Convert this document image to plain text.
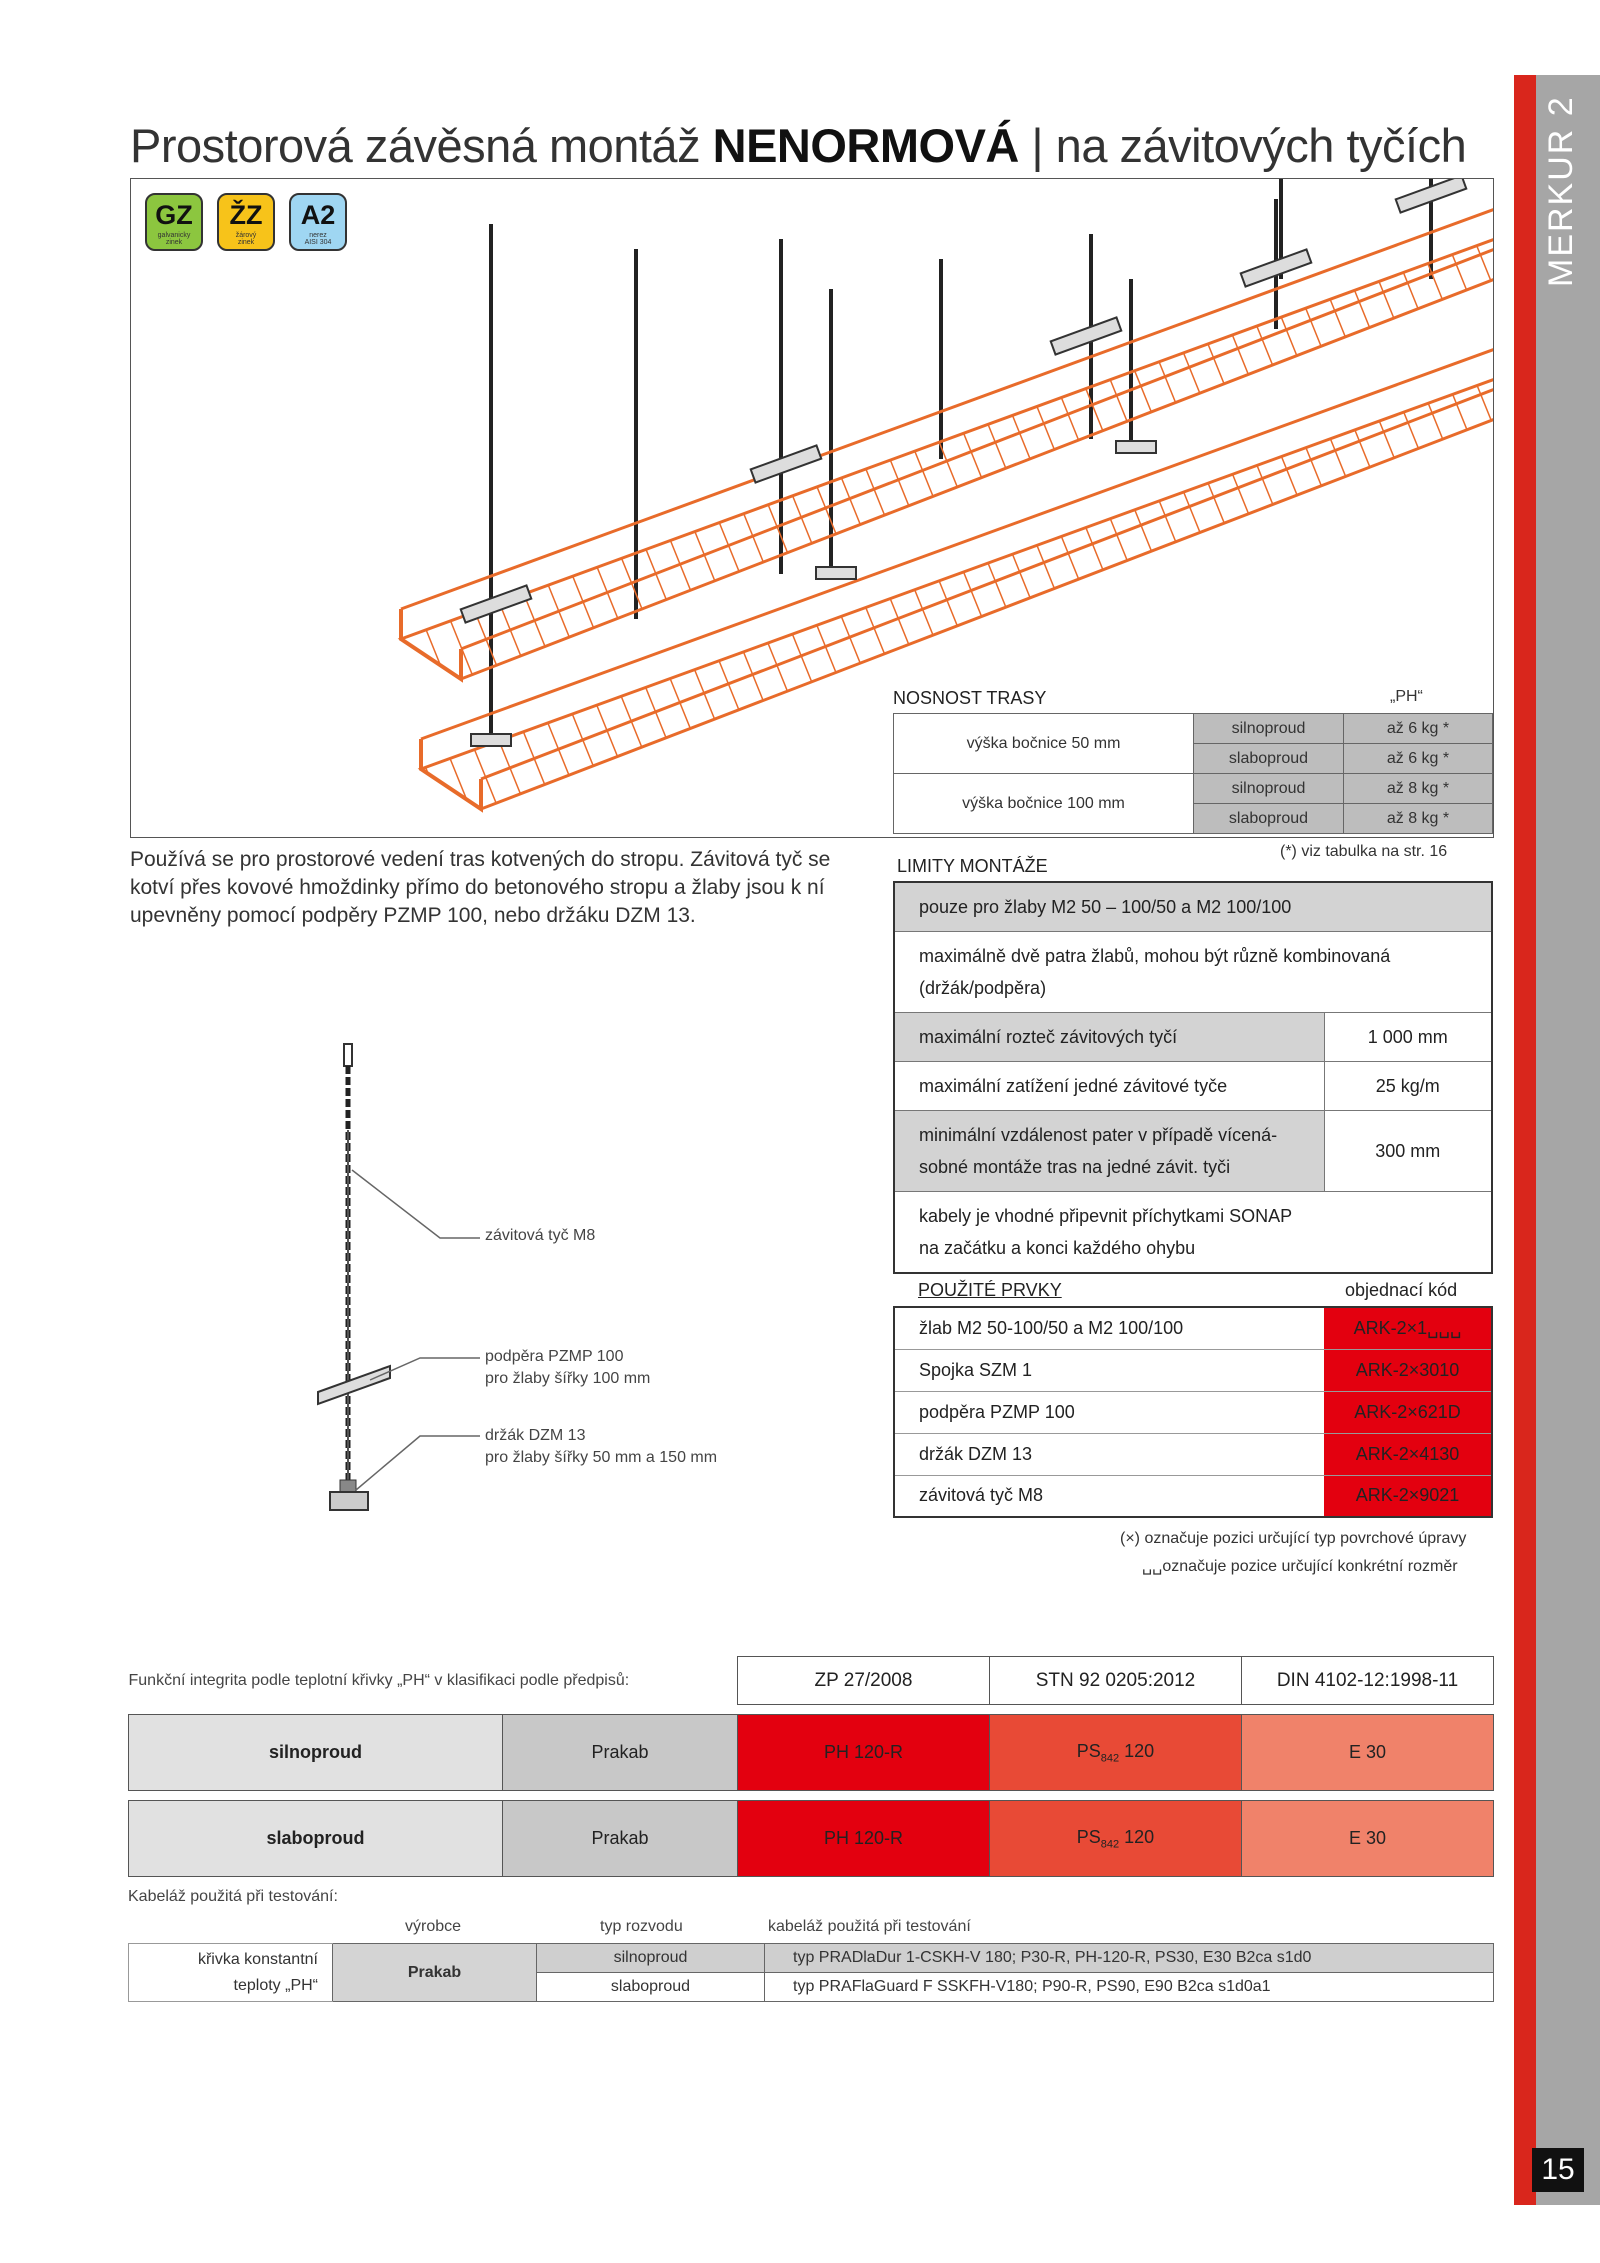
MERKUR 2
15
Prostorová závěsná montáž NENORMOVÁ | na závitových tyčích
GZ
galvanicky
zinek
ŽZ
žárový
zinek
A2
nerez
AISI 304
Používá se pro prostorové vedení tras kotvených do stropu. Závitová tyč se kotví přes kovové hmoždinky přímo do betonového stropu a žlaby jsou k ní upevněny pomocí podpěry PZMP 100, nebo držáku DZM 13.
závitová tyč M8
podpěra PZMP 100
pro žlaby šířky 100 mm
držák DZM 13
pro žlaby šířky 50 mm a 150 mm
NOSNOST TRASY	„PH“
výška bočnice 50 mm	silnoproud	až 6 kg *
	slaboproud	až 6 kg *
výška bočnice 100 mm	silnoproud	až 8 kg *
	slaboproud	až 8 kg *
(*) viz tabulka na str. 16
LIMITY MONTÁŽE
pouze pro žlaby M2 50 – 100/50 a M2 100/100	

maximálně dvě patra žlabů, mohou být různě kombinovaná
(držák/podpěra)	

maximální rozteč závitových tyčí	1 000 mm
maximální zatížení jedné závitové tyče	25 kg/m

minimální vzdálenost pater v případě vícená-
sobné montáže tras na jedné závit. tyči	300 mm

kabely je vhodné připevnit příchytkami SONAP
na začátku a konci každého ohybu	
POUŽITÉ PRVKY	objednací kód
žlab M2 50-100/50 a M2 100/100	ARK-2×1␣␣␣
Spojka SZM 1	ARK-2×3010
podpěra PZMP 100	ARK-2×621D
držák DZM 13	ARK-2×4130
závitová tyč M8	ARK-2×9021
(×) označuje pozici určující typ povrchové úpravy
␣␣označuje pozice určující konkrétní rozměr
Funkční integrita podle teplotní křivky „PH“ v klasifikaci podle předpisů:		ZP 27/2008	STN 92 0205:2012	DIN 4102-12:1998-11

silnoproud	Prakab	PH 120-R	$PS_{842}$ 120	E 30

slaboproud	Prakab	PH 120-R	$PS_{842}$ 120	E 30
Kabeláž použitá při testování:
výrobce	typ rozvodu	kabeláž použitá při testování
křivka konstantní
teploty „PH“	Prakab	silnoproud	typ PRADlaDur 1-CSKH-V 180; P30-R, PH-120-R, PS30, E30 B2ca s1d0
		slaboproud	typ PRAFlaGuard F SSKFH-V180; P90-R, PS90, E90 B2ca s1d0a1
